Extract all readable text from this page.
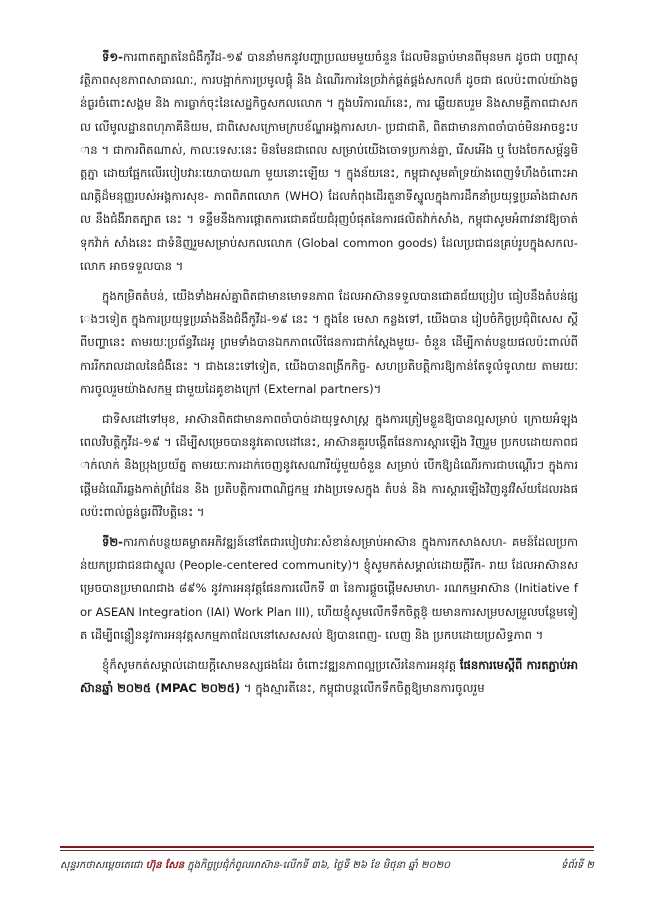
ទី១-ការពាតត្បាតនៃជំងឺកូវីដ-១៩ បាននាំមកនូវបញ្ហាប្រឈមមួយចំនួន ដែលមិនធ្លាប់មានពីមុនមក ដូចជា បញ្ហាសុវត្ថិភាពសុខភាពសាធារណៈ, ការបង្អាក់ការប្រមូលផ្តុំ និង ដំណើរការនៃច្រវ៉ាក់ផ្គត់ផ្គង់សកលក៏ ដូចជា ផលប៉ះពាល់យ៉ាងធ្ងន់ធ្ងរចំពោះសង្គម និង ការធ្លាក់ចុះនៃសេដ្ឋកិច្ចសកលលោក ។ ក្នុងបរិការណ៍នេះ, ការ ឆ្លើយតបរួម និងសាមគ្គីភាពជាសកល លើមូលដ្ឋានពហុភាគីនិយម, ជាពិសេសក្រោមក្របខ័ណ្ឌអង្គការសហ- ប្រជាជាតិ, ពិតជាមានភាពចាំបាច់មិនអាចខ្វះបាន ។ ជាការពិតណាស់, កាលៈទេសៈនេះ មិនមែនជាពេល សម្រាប់យើងចោទប្រកាន់គ្នា, រើសអើង ឬ បែងចែកសម្ព័ន្ធមិត្តភ្នា ដោយផ្អែកលើរបៀបវារៈយោបាយណា មួយនោះឡើយ ។ ក្នុងន័យនេះ, កម្ពុជាសូមគាំទ្រយ៉ាងពេញទំហឹងចំពោះអាណត្តិដ៏មនុញ្ញរបស់អង្គការសុខ- ភាពពិភពលោក (WHO) ដែលកំពុងដើរតួនាទីស្នូលក្នុងការដឹកនាំប្រយុទ្ធប្រឆាំងជាសកល នឹងជំងឺរាតត្បាត នេះ ។ ទន្ទឹមនឹងការផ្តោតការជោគជ័យជំរុញបំផុតនៃការផលិតវ៉ាក់សាំង, កម្ពុជាសូមអំពាវនាវឱ្យចាត់ទុកវ៉ាក់ សាំងនេះ ជាទំនិញរួមសម្រាប់សកលលោក (Global common goods) ដែលប្រជាជនគ្រប់រូបក្នុងសកល- លោក អាចទទួលបាន ។

ក្នុងកម្រិតតំបន់, យើងទាំងអស់គ្នាពិតជាមានមោទនភាព ដែលអាស៊ានទទួលបានជោគជ័យប្រៀប ធៀបនឹងតំបន់ផ្សេងៗទៀត ក្នុងការប្រយុទ្ធប្រឆាំងនឹងជំងឺកូវីដ-១៩ នេះ ។ ក្នុងខែ មេសា កន្លងទៅ, យើងបាន រៀបចំកិច្ចប្រជុំពិសេស ស្តីពីបញ្ហានេះ តាមរយៈប្រព័ន្ធវីដេអូ ព្រមទាំងបានឯកភាពលើផែនការជាក់ស្តែងមួយ- ចំនួន ដើម្បីកាត់បន្ថយផលប៉ះពាល់ពីការរីករាលដាលនៃជំងឺនេះ ។ ជាងនេះទៅទៀត, យើងបានពង្រីកកិច្ច- សហប្រតិបត្តិការឱ្យកាន់តែទូលំទូលាយ តាមរយៈការចូលរួមយ៉ាងសកម្ម ជាមួយដៃគូខាងក្រៅ (External partners)។

ជាទិសដៅទៅមុខ, អាស៊ានពិតជាមានភាពចាំបាច់ដាយុទ្ធសាស្ត្រ ក្នុងការត្រៀមខ្លួនឱ្យបានល្អសម្រាប់ ក្រោយអំឡុងពេលវិបត្តិកូវីដ-១៩ ។ ដើម្បីសម្រេចបាននូវគោលដៅនេះ, អាស៊ានគួរបង្កើតផែនការស្តារឡើង វិញរួម ប្រកបដោយភាពជាក់លាក់ និងប្រុងប្រយ័ត្ន តាមរយៈការដាក់ចេញនូវសេណារីយ៉ូមួយចំនួន សម្រាប់ បើកឱ្យដំណើរការជាបណ្តើរៗ ក្នុងការផ្តើមដំណើរឆ្លងកាត់ព្រំដែន និង ប្រតិបត្តិការពាណិជ្ជកម្ម រវាងប្រទេសក្នុង តំបន់ និង ការស្តារឡើងវិញនូវវិស័យដែលរងផលប៉ះពាល់ធ្ងន់ធ្ងរពីវិបត្តិនេះ ។

ទី២-ការកាត់បន្ថយគម្លាតអភិវឌ្ឍន៍នៅតែជារបៀបវារៈសំខាន់សម្រាប់អាស៊ាន ក្នុងការកសាងសហ- គមន៍ដែលប្រកាន់យកប្រជាជនជាស្នូល (People-centered community)។ ខ្ញុំសូមកត់សម្គាល់ដោយក្តីរីក- រាយ ដែលអាស៊ានសម្រេចបានប្រមាណជាង ៨៩% នូវការអនុវត្តផែនការលើកទី ៣ នៃការផ្តួចផ្តើមសមាហ- រណកម្មអាស៊ាន (Initiative for ASEAN Integration (IAI) Work Plan III), ហើយខ្ញុំសូមលើកទឹកចិត្តឱ្ យមានការសម្របសម្រួលបន្ថែមទៀត ដើម្បីពន្លឿននូវការអនុវត្តសកម្មភាពដែលនៅសេសសល់ ឱ្យបានពេញ- លេញ និង ប្រកបដោយប្រសិទ្ធភាព ។

ខ្ញុំក៏សូមកត់សម្គាល់ដោយក្តីសោមនស្សផងដែរ ចំពោះវឌ្ឍនភាពល្អប្រសើរនៃការអនុវត្ត ផែនការមេស្តីពី ការតភ្ជាប់អាស៊ានឆ្នាំ ២០២៥ (MPAC ២០២៥) ។ ក្នុងស្មារតីនេះ, កម្ពុជាបន្តលើកទឹកចិត្តឱ្យមានការចូលរួម

សុន្ទរកថាសម្តេចតេជោ ហ៊ុន សែន ក្នុងកិច្ចប្រជុំកំពូលអាស៊ាន-លើកទី ៣៦, ថ្ងៃទី ២៦ ខែ មិថុនា ឆ្នាំ ២០២០	ទំព័រទី ២
